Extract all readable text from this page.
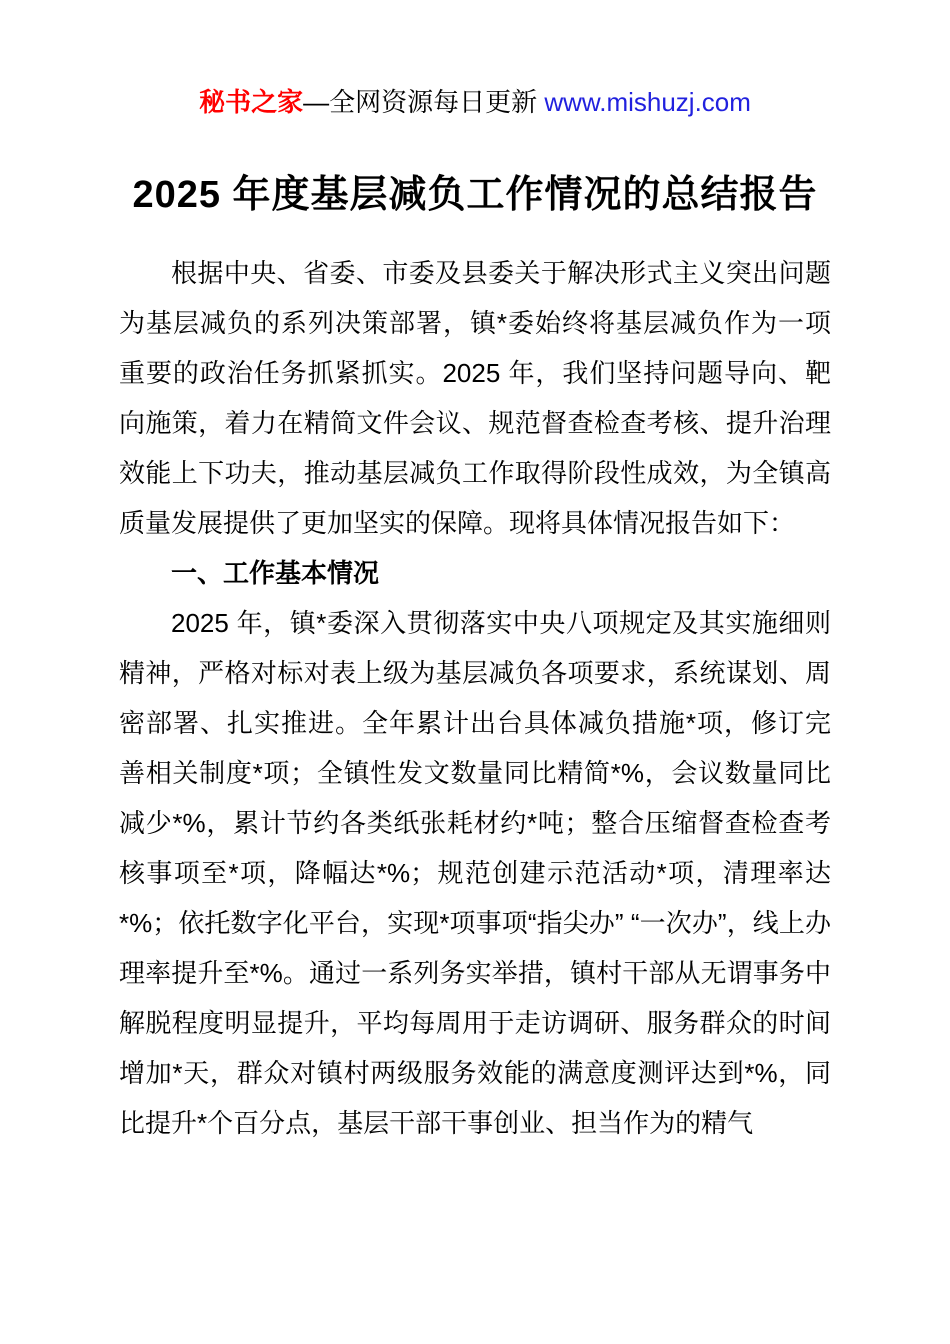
秘书之家—全网资源每日更新 www.mishuzj.com
2025 年度基层减负工作情况的总结报告

根据中央、省委、市委及县委关于解决形式主义突出问题为基层减负的系列决策部署，镇*委始终将基层减负作为一项重要的政治任务抓紧抓实。2025 年，我们坚持问题导向、靶向施策，着力在精简文件会议、规范督查检查考核、提升治理效能上下功夫，推动基层减负工作取得阶段性成效，为全镇高质量发展提供了更加坚实的保障。现将具体情况报告如下：

一、工作基本情况

2025 年，镇*委深入贯彻落实中央八项规定及其实施细则精神，严格对标对表上级为基层减负各项要求，系统谋划、周密部署、扎实推进。全年累计出台具体减负措施*项，修订完善相关制度*项；全镇性发文数量同比精简*%，会议数量同比减少*%，累计节约各类纸张耗材约*吨；整合压缩督查检查考核事项至*项，降幅达*%；规范创建示范活动*项，清理率达*%；依托数字化平台，实现*项事项“指尖办” “一次办”，线上办理率提升至*%。通过一系列务实举措，镇村干部从无谓事务中解脱程度明显提升，平均每周用于走访调研、服务群众的时间增加*天，群众对镇村两级服务效能的满意度测评达到*%，同比提升*个百分点，基层干部干事创业、担当作为的精气
